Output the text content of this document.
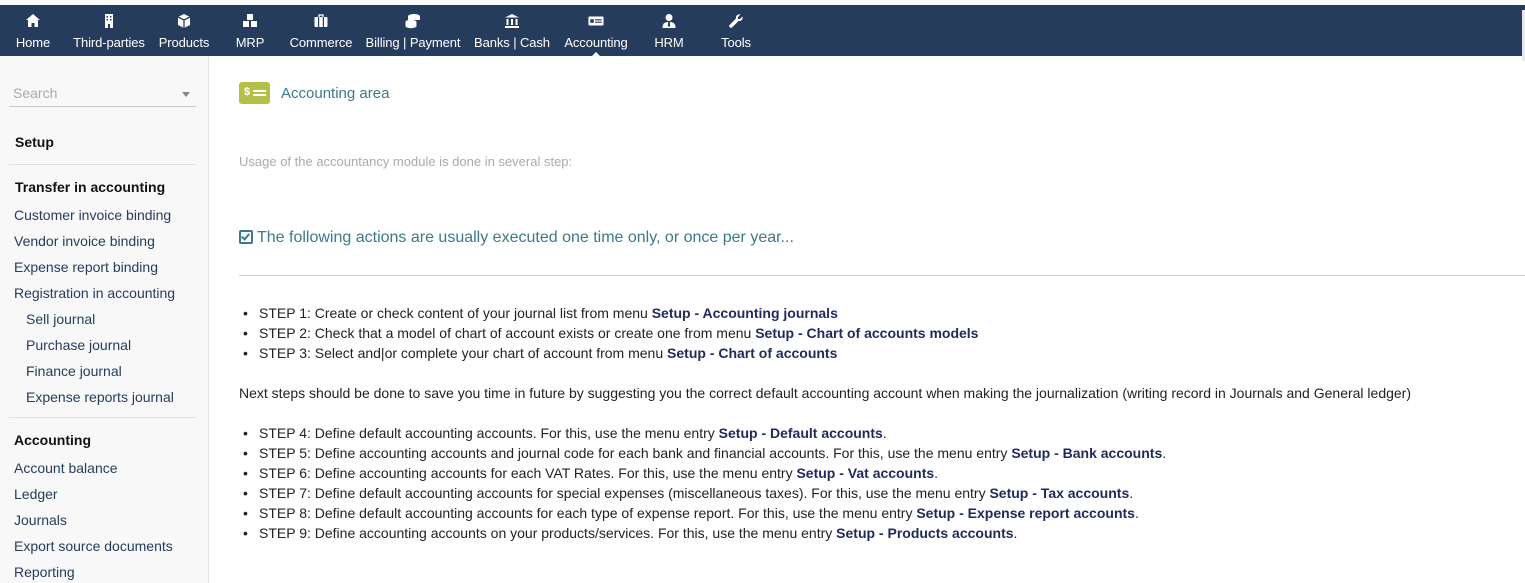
Home Third-parties Products MRP Commerce Billing | Payment Banks | Cash Accounting HRM	Tools
Search
Setup
Transfer in accounting
Customer invoice binding
Vendor invoice binding
Expense report binding
Registration in accounting
Sell journal
Purchase journal
Finance journal
Expense reports journal
Accounting
Account balance
Ledger
Journals
Export source documents
Reporting
$ Accounting area
Usage of the accountancy module is done in several step:
The following actions are usually executed one time only, or once per year...
• STEP 1: Create or check content of your journal list from menu Setup - Accounting journals
• STEP 2: Check that a model of chart of account exists or create one from menu Setup - Chart of accounts models
• STEP 3: Select and|or complete your chart of account from menu Setup - Chart of accounts
Next steps should be done to save you time in future by suggesting you the correct default accounting account when making the journalization (writing record in Journals and General ledger)
• STEP 4: Define default accounting accounts. For this, use the menu entry Setup - Default accounts.
• STEP 5: Define accounting accounts and journal code for each bank and financial accounts. For this, use the menu entry Setup - Bank accounts.
• STEP 6: Define accounting accounts for each VAT Rates. For this, use the menu entry Setup - Vat accounts.
• STEP 7: Define default accounting accounts for special expenses (miscellaneous taxes). For this, use the menu entry Setup - Tax accounts.
• STEP 8: Define default accounting accounts for each type of expense report. For this, use the menu entry Setup - Expense report accounts.
• STEP 9: Define accounting accounts on your products/services. For this, use the menu entry Setup - Products accounts.
